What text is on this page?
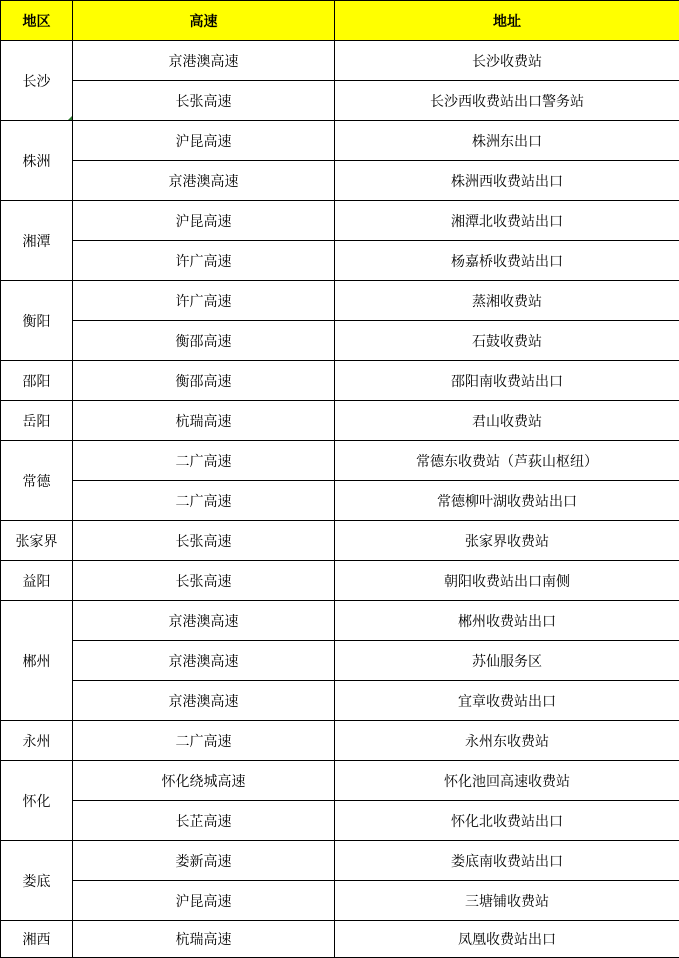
地区	高速	地址
长沙	京港澳高速	长沙收费站
	长张高速	长沙西收费站出口警务站
株洲	沪昆高速	株洲东出口
	京港澳高速	株洲西收费站出口
湘潭	沪昆高速	湘潭北收费站出口
	许广高速	杨嘉桥收费站出口
衡阳	许广高速	蒸湘收费站
	衡邵高速	石鼓收费站
邵阳	衡邵高速	邵阳南收费站出口
岳阳	杭瑞高速	君山收费站
常德	二广高速	常德东收费站（芦荻山枢纽）
	二广高速	常德柳叶湖收费站出口
张家界	长张高速	张家界收费站
益阳	长张高速	朝阳收费站出口南侧
郴州	京港澳高速	郴州收费站出口
	京港澳高速	苏仙服务区
	京港澳高速	宜章收费站出口
永州	二广高速	永州东收费站
怀化	怀化绕城高速	怀化池回高速收费站
	长芷高速	怀化北收费站出口
娄底	娄新高速	娄底南收费站出口
	沪昆高速	三塘铺收费站
湘西	杭瑞高速	凤凰收费站出口
